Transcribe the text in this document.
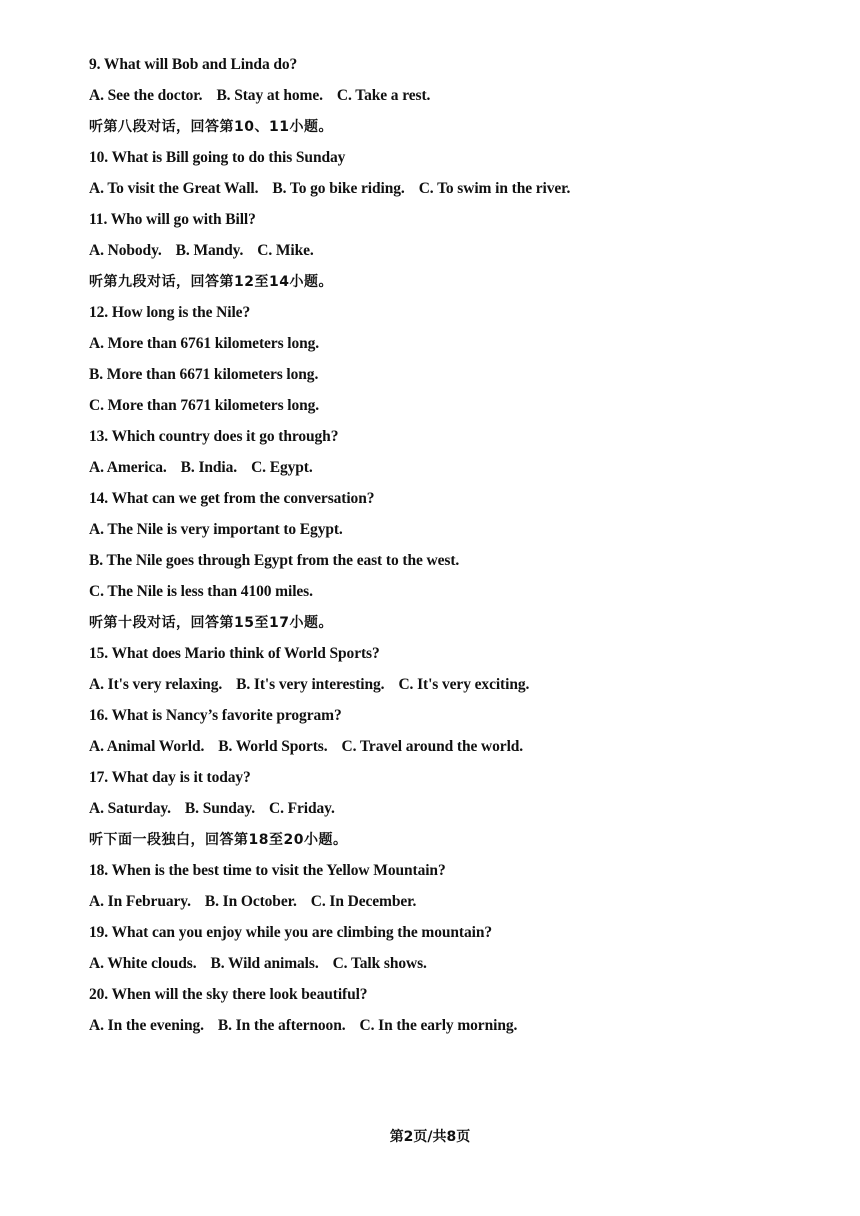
9. What will Bob and Linda do?
A. See the doctor. B. Stay at home. C. Take a rest.
听第八段对话，回答第10、11小题。
10. What is Bill going to do this Sunday
A. To visit the Great Wall. B. To go bike riding. C. To swim in the river.
11. Who will go with Bill?
A. Nobody. B. Mandy. C. Mike.
听第九段对话，回答第12至14小题。
12. How long is the Nile?
A. More than 6761 kilometers long.
B. More than 6671 kilometers long.
C. More than 7671 kilometers long.
13. Which country does it go through?
A. America. B. India. C. Egypt.
14. What can we get from the conversation?
A. The Nile is very important to Egypt.
B. The Nile goes through Egypt from the east to the west.
C. The Nile is less than 4100 miles.
听第十段对话，回答第15至17小题。
15. What does Mario think of World Sports?
A. It's very relaxing. B. It's very interesting. C. It's very exciting.
16. What is Nancy’s favorite program?
A. Animal World. B. World Sports. C. Travel around the world.
17. What day is it today?
A. Saturday. B. Sunday. C. Friday.
听下面一段独白，回答第18至20小题。
18. When is the best time to visit the Yellow Mountain?
A. In February. B. In October. C. In December.
19. What can you enjoy while you are climbing the mountain?
A. White clouds. B. Wild animals. C. Talk shows.
20. When will the sky there look beautiful?
A. In the evening. B. In the afternoon. C. In the early morning.
第2页/共8页
